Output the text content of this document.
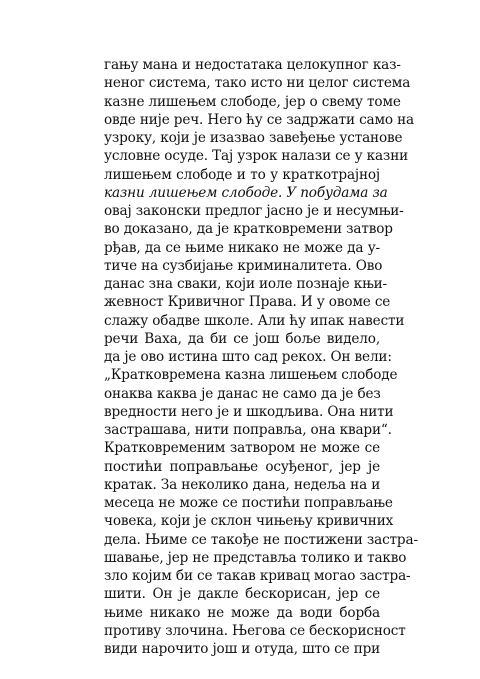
гању мана и недостатака целокупног каз-
неног система, тако исто ни целог система
казне лишењем слободе, јер о свему томе
овде није реч. Него ћу се задржати само на
узроку, који је изазвао завеђење установе
условне осуде. Тај узрок налази се у казни
лишењем слободе и то у краткотрајној
казни лишењем слободе. У побудама за
овај законски предлог јасно је и несумњи-
во доказано, да је кратковремени затвор
рђав, да се њиме никако не може да у-
тиче на сузбијање криминалитета. Ово
данас зна сваки, који иоле познаје књи-
жевност Кривичног Права. И у овоме се
слажу обадве школе. Али ћу ипак навести
речи Ваха, да би се још боље видело,
да је ово истина што сад рекох. Он вели:
„Кратковремена казна лишењем слободе
онаква каква је данас не само да је без
вредности него је и шкодљива. Она нити
застрашава, нити поправља, она квари“.
Кратковременим затвором не може се
постићи поправљање осуђеног, јер је
кратак. За неколико дана, недеља на и
месеца не може се постићи поправљање
човека, који је склон чињењу кривичних
дела. Њиме се такође не постижени застра-
шавање, јер не представља толико и такво
зло којим би се такав кривац могао застра-
шити. Он је дакле бескорисан, јер се
њиме никако не може да води борба
противу злочина. Његова се бескорисност
види нарочито још и отуда, што се при
